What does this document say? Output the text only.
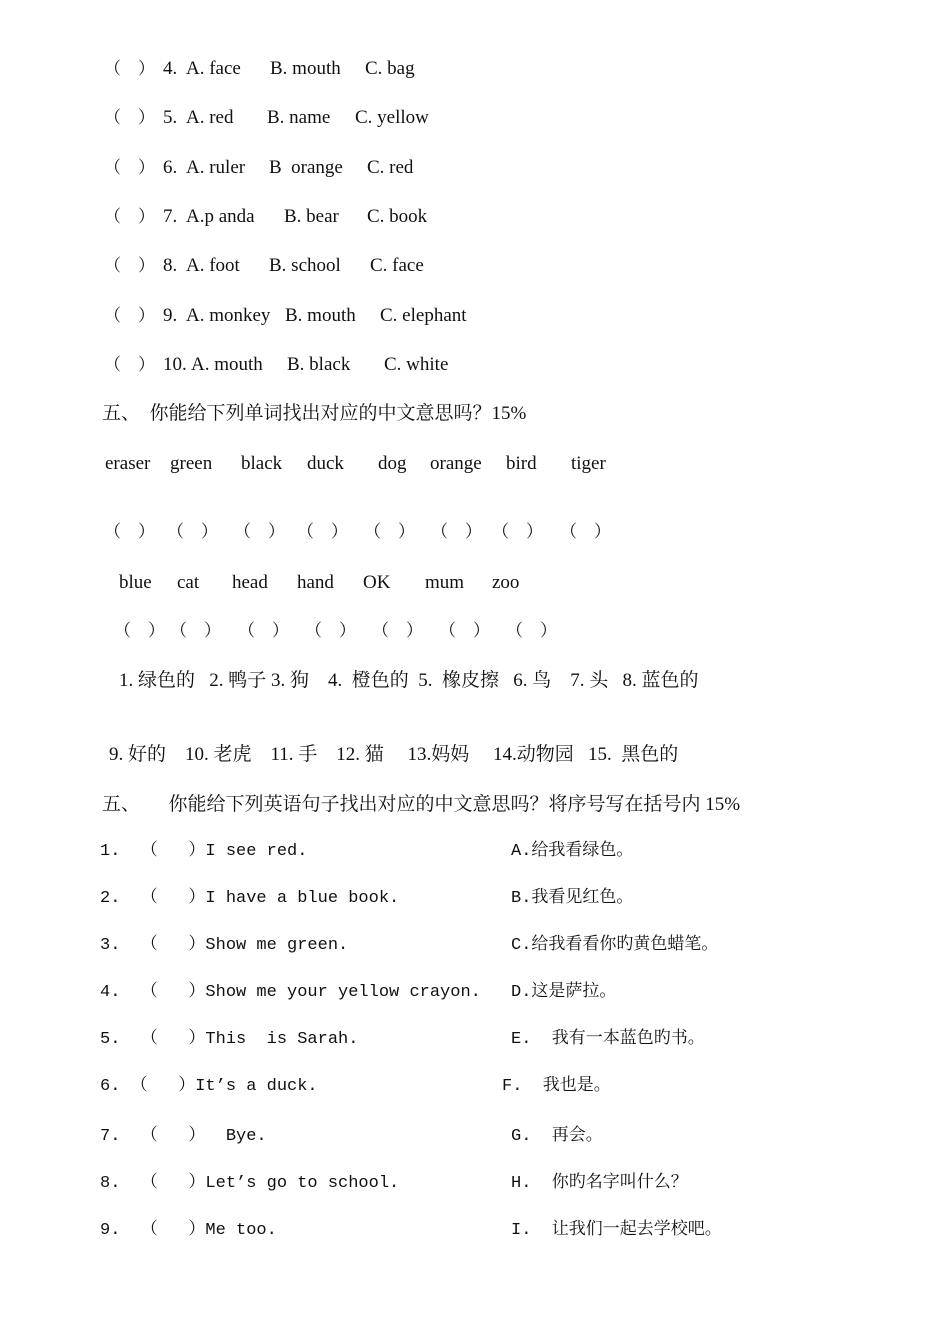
（    ） 4. A. face B. mouth C. bag
（    ） 5. A. red B. name C. yellow
（    ） 6. A. ruler B  orange C. red
（    ） 7. A.p anda B. bear C. book
（    ） 8. A. foot B. school C. face
（    ） 9. A. monkey B. mouth C. elephant
（    ） 10. A. mouth B. black C. white
五、  你能给下列单词找出对应的中文意思吗？15%
eraser green black duck dog orange bird tiger
（    ） （    ） （    ） （    ） （    ） （    ） （    ） （    ）
blue cat head hand OK mum zoo
（    ） （    ） （    ） （    ） （    ） （    ） （    ）
1. 绿色的   2. 鸭子 3. 狗    4.  橙色的  5.  橡皮擦   6. 鸟    7. 头   8. 蓝色的
9. 好的    10. 老虎    11. 手    12. 猫     13.妈妈     14.动物园   15.  黑色的
五、      你能给下列英语句子找出对应的中文意思吗？将序号写在括号内 15%
1.  （   ）I see red.	A.给我看绿色。
2.  （   ）I have a blue book.	B.我看见红色。
3.  （   ）Show me green.	C.给我看看你旳黄色蜡笔。
4.  （   ）Show me your yellow crayon. D.这是萨拉。
5.  （   ）This  is Sarah.	E.  我有一本蓝色旳书。
6. （   ）It’s a duck.	F.  我也是。
7.  （   ）  Bye.	G.  再会。
8.  （   ）Let’s go to school.	H.  你旳名字叫什么？
9.  （   ）Me too.	I.  让我们一起去学校吧。
